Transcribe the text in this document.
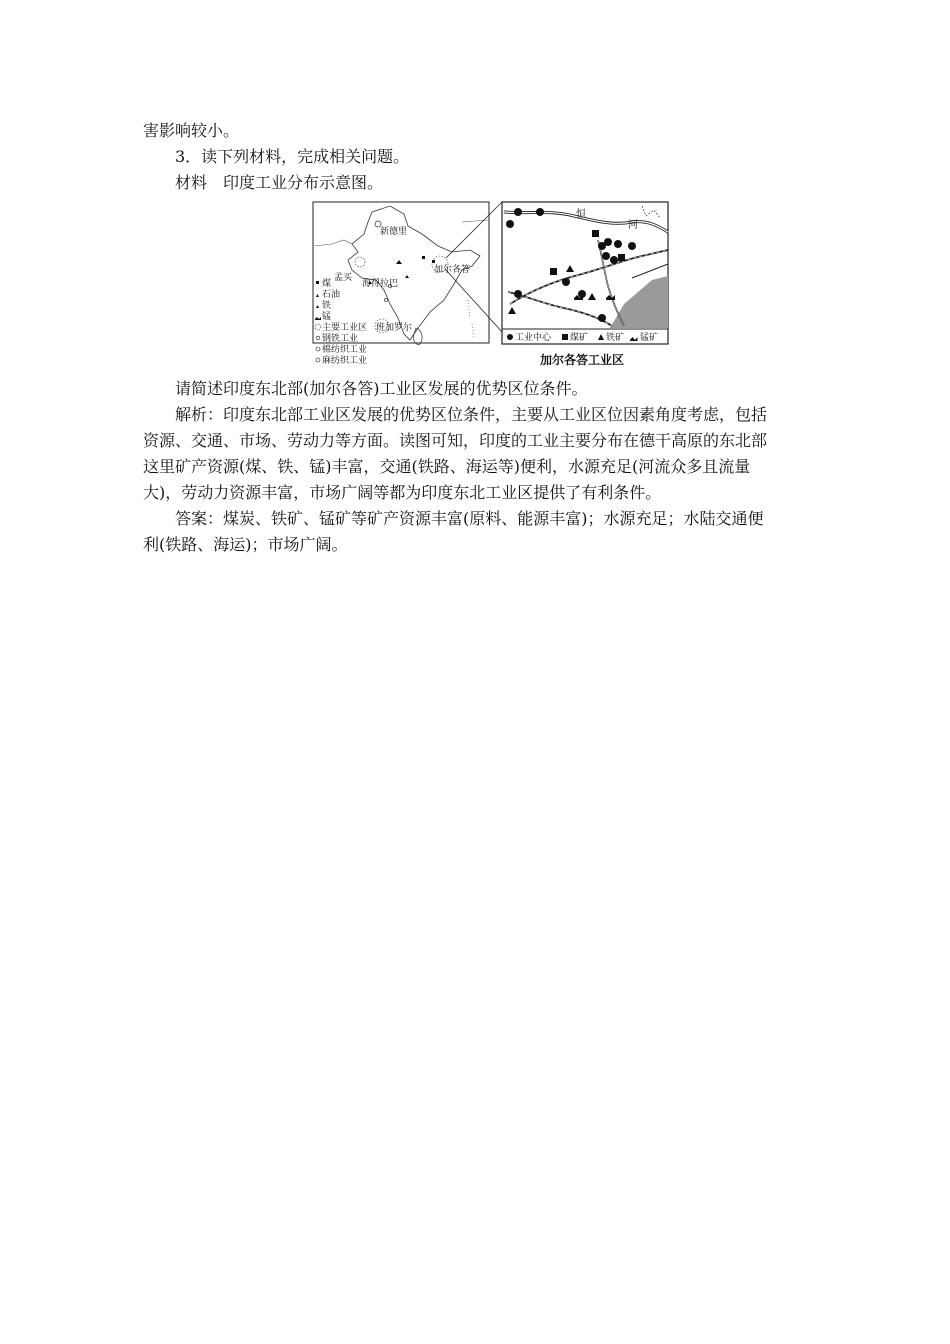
害影响较小。
3．读下列材料，完成相关问题。
材料　印度工业分布示意图。
新德里
孟买
海得拉巴
加尔各答
班加罗尔
煤
石油
铁
锰
主要工业区
钢铁工业
棉纺织工业
麻纺织工业
恒
河
工业中心 煤矿 铁矿 锰矿
加尔各答工业区
请简述印度东北部(加尔各答)工业区发展的优势区位条件。
解析：印度东北部工业区发展的优势区位条件，主要从工业区位因素角度考虑，包括
资源、交通、市场、劳动力等方面。读图可知，印度的工业主要分布在德干高原的东北部
这里矿产资源(煤、铁、锰)丰富，交通(铁路、海运等)便利，水源充足(河流众多且流量
大)，劳动力资源丰富，市场广阔等都为印度东北工业区提供了有利条件。
答案：煤炭、铁矿、锰矿等矿产资源丰富(原料、能源丰富)；水源充足；水陆交通便
利(铁路、海运)；市场广阔。
